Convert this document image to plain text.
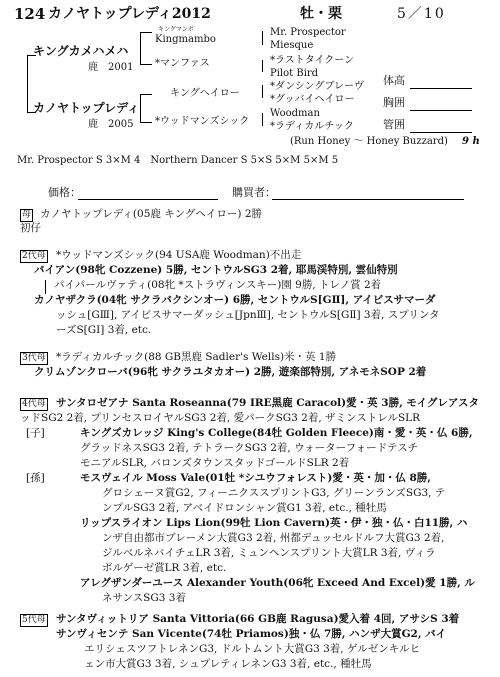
124 カノヤトップレディ2012	牡・栗	5／10
キングカメハメハ
鹿　2001
カノヤトップレディ
鹿　2005
キングマンボ
Kingmambo
*マンファス
キングヘイロー
*ウッドマンズシック
Mr. Prospector
Miesque
*ラストタイクーン
Pilot Bird
*ダンシングブレーヴ
*グッバイヘイロー
Woodman
*ラディカルチック
(Run Honey ～ Honey Buzzard) 9 h
体高
胸囲
管囲
Mr. Prospector S 3×M 4　Northern Dancer S 5×S 5×M 5×M 5
価格：	購買者：
母 カノヤトップレディ(05鹿 キングヘイロー) 2勝
初仔
2代母 *ウッドマンズシック(94 USA鹿 Woodman)不出走
バイアン(98牝 Cozzene) 5勝, セントウルSG3 2着, 耶馬渓特別, 雲仙特別
パイパールヴァティ(08牝 *ストラヴィンスキー)園 9勝, トレノ賞 2着
カノヤザクラ(04牝 サクラバクシンオー) 6勝, セントウルS[GⅡ], アイビスサマーダ
ッシュ[GⅢ], アイビスサマーダッシュ[JpnⅢ], セントウルS[GⅡ] 3着, スプリンタ
ーズS[GⅠ] 3着, etc.
3代母 *ラディカルチック(88 GB黒鹿 Sadler's Wells)米・英 1勝
クリムゾンクローバ(96牝 サクラユタカオー) 2勝, 遊楽部特別, アネモネSOP 2着
4代母 サンタロゼアナ Santa Roseanna(79 IRE黒鹿 Caracol)愛・英 3勝, モイグレアスタ
ッドSG2 2着, プリンセスロイヤルSG3 2着, 愛パークSG3 2着, ザミンストレルSLR
[子]	キングズカレッジ King's College(84牡 Golden Fleece)南・愛・英・仏 6勝,
グラッドネスSG3 2着, テトラークSG3 2着, ウォーターフォードテスチ
モニアルSLR, バロンズタウンスタッドゴールドSLR 2着
[孫]	モスヴェイル Moss Vale(01牡 *シユウフォレスト)愛・英・加・仏 8勝,
グロシェーヌ賞G2, フィーニクススプリントG3, グリーンランズSG3, テ
ンプルSG3 2着, アベイドロンシャン賞G1 3着, etc., 種牡馬
リップスライオン Lips Lion(99牡 Lion Cavern)英・伊・独・仏・白11勝, ハ
ンザ自由都市ブレーメン大賞G3 2着, 州都デュッセルドルフ大賞G3 2着,
ジルベルネバイチェLR 3着, ミュンヘンスプリント大賞LR 3着, ヴィラ
ボルゲーゼ賞LR 3着, etc.
アレグザンダーユース Alexander Youth(06牝 Exceed And Excel)愛 1勝, ル
ネサンスSG3 3着
5代母 サンタヴィットリア Santa Vittoria(66 GB鹿 Ragusa)愛入着 4回, アサシS 3着
サンヴィセンテ San Vicente(74牡 Priamos)独・仏 7勝, ハンザ大賞G2, バイ
エリシェスツフトレネンG3, ドルトムント大賞G3 3着, ゲルゼンキルヒ
ェン市大賞G3 3着, シュプレティレネンG3 3着, etc., 種牡馬
